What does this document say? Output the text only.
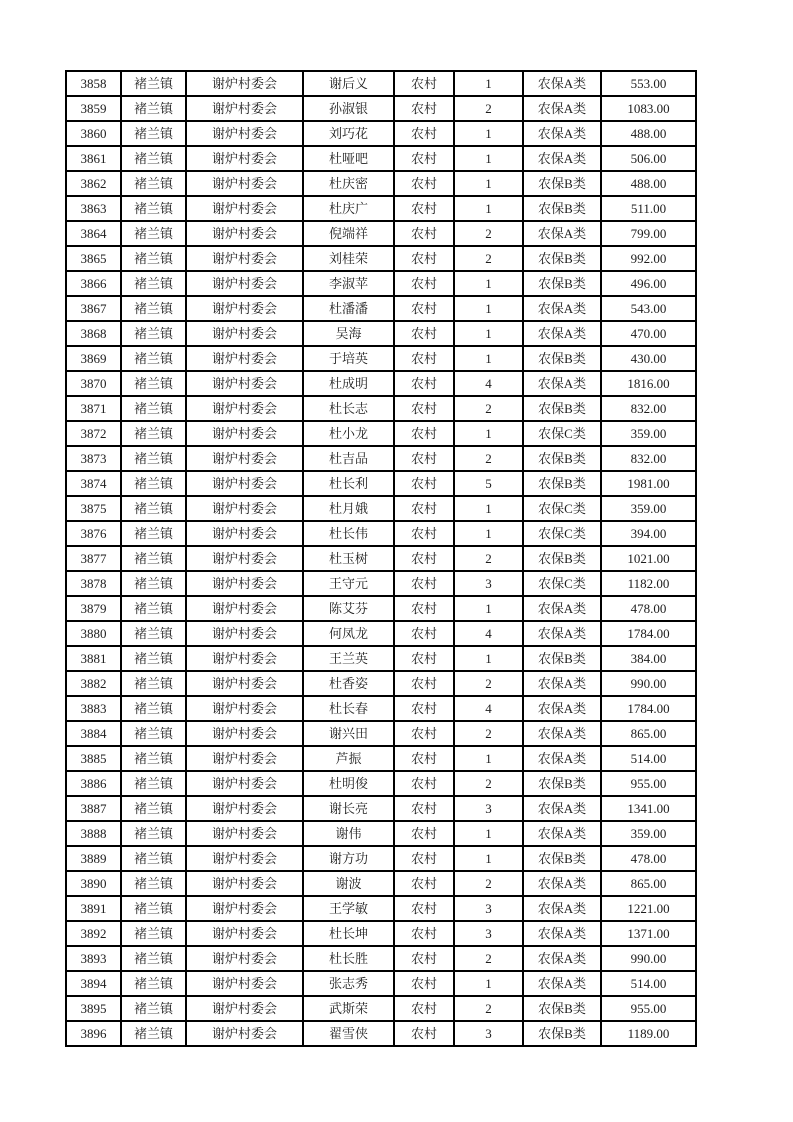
3858	褚兰镇	谢炉村委会	谢后义	农村	1	农保A类	553.00
3859	褚兰镇	谢炉村委会	孙淑银	农村	2	农保A类	1083.00
3860	褚兰镇	谢炉村委会	刘巧花	农村	1	农保A类	488.00
3861	褚兰镇	谢炉村委会	杜哑吧	农村	1	农保A类	506.00
3862	褚兰镇	谢炉村委会	杜庆密	农村	1	农保B类	488.00
3863	褚兰镇	谢炉村委会	杜庆广	农村	1	农保B类	511.00
3864	褚兰镇	谢炉村委会	倪端祥	农村	2	农保A类	799.00
3865	褚兰镇	谢炉村委会	刘桂荣	农村	2	农保B类	992.00
3866	褚兰镇	谢炉村委会	李淑苹	农村	1	农保B类	496.00
3867	褚兰镇	谢炉村委会	杜潘潘	农村	1	农保A类	543.00
3868	褚兰镇	谢炉村委会	吴海	农村	1	农保A类	470.00
3869	褚兰镇	谢炉村委会	于培英	农村	1	农保B类	430.00
3870	褚兰镇	谢炉村委会	杜成明	农村	4	农保A类	1816.00
3871	褚兰镇	谢炉村委会	杜长志	农村	2	农保B类	832.00
3872	褚兰镇	谢炉村委会	杜小龙	农村	1	农保C类	359.00
3873	褚兰镇	谢炉村委会	杜吉品	农村	2	农保B类	832.00
3874	褚兰镇	谢炉村委会	杜长利	农村	5	农保B类	1981.00
3875	褚兰镇	谢炉村委会	杜月娥	农村	1	农保C类	359.00
3876	褚兰镇	谢炉村委会	杜长伟	农村	1	农保C类	394.00
3877	褚兰镇	谢炉村委会	杜玉树	农村	2	农保B类	1021.00
3878	褚兰镇	谢炉村委会	王守元	农村	3	农保C类	1182.00
3879	褚兰镇	谢炉村委会	陈艾芬	农村	1	农保A类	478.00
3880	褚兰镇	谢炉村委会	何凤龙	农村	4	农保A类	1784.00
3881	褚兰镇	谢炉村委会	王兰英	农村	1	农保B类	384.00
3882	褚兰镇	谢炉村委会	杜香姿	农村	2	农保A类	990.00
3883	褚兰镇	谢炉村委会	杜长春	农村	4	农保A类	1784.00
3884	褚兰镇	谢炉村委会	谢兴田	农村	2	农保A类	865.00
3885	褚兰镇	谢炉村委会	芦振	农村	1	农保A类	514.00
3886	褚兰镇	谢炉村委会	杜明俊	农村	2	农保B类	955.00
3887	褚兰镇	谢炉村委会	谢长亮	农村	3	农保A类	1341.00
3888	褚兰镇	谢炉村委会	谢伟	农村	1	农保A类	359.00
3889	褚兰镇	谢炉村委会	谢方功	农村	1	农保B类	478.00
3890	褚兰镇	谢炉村委会	谢波	农村	2	农保A类	865.00
3891	褚兰镇	谢炉村委会	王学敏	农村	3	农保A类	1221.00
3892	褚兰镇	谢炉村委会	杜长坤	农村	3	农保A类	1371.00
3893	褚兰镇	谢炉村委会	杜长胜	农村	2	农保A类	990.00
3894	褚兰镇	谢炉村委会	张志秀	农村	1	农保A类	514.00
3895	褚兰镇	谢炉村委会	武斯荣	农村	2	农保B类	955.00
3896	褚兰镇	谢炉村委会	翟雪侠	农村	3	农保B类	1189.00
